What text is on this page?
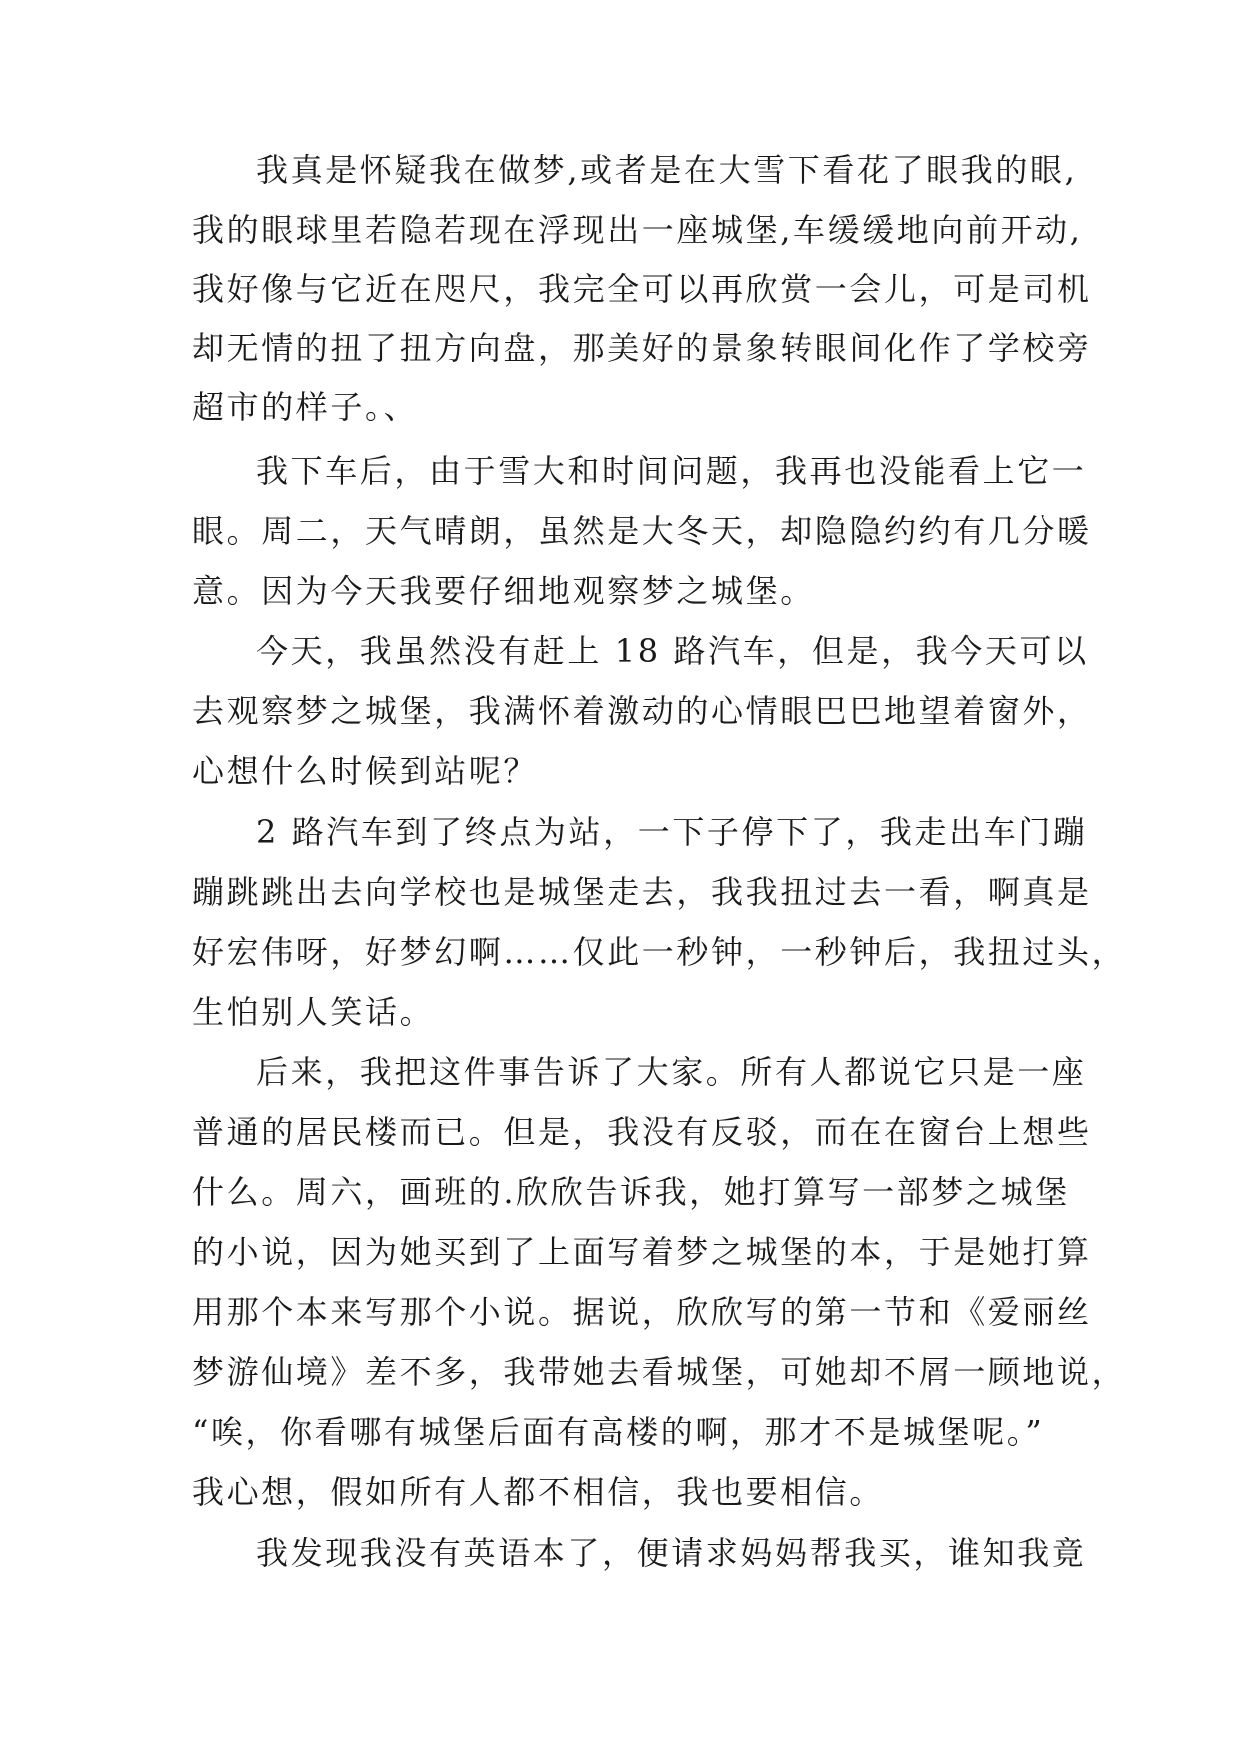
我真是怀疑我在做梦,或者是在大雪下看花了眼我的眼,
我的眼球里若隐若现在浮现出一座城堡,车缓缓地向前开动,
我好像与它近在咫尺，我完全可以再欣赏一会儿，可是司机
却无情的扭了扭方向盘，那美好的景象转眼间化作了学校旁
超市的样子。、
我下车后，由于雪大和时间问题，我再也没能看上它一
眼。周二，天气晴朗，虽然是大冬天，却隐隐约约有几分暖
意。因为今天我要仔细地观察梦之城堡。
今天，我虽然没有赶上 18 路汽车，但是，我今天可以
去观察梦之城堡，我满怀着激动的心情眼巴巴地望着窗外，
心想什么时候到站呢？
2 路汽车到了终点为站，一下子停下了，我走出车门蹦
蹦跳跳出去向学校也是城堡走去，我我扭过去一看，啊真是
好宏伟呀，好梦幻啊……仅此一秒钟，一秒钟后，我扭过头，
生怕别人笑话。
后来，我把这件事告诉了大家。所有人都说它只是一座
普通的居民楼而已。但是，我没有反驳，而在在窗台上想些
什么。周六，画班的.欣欣告诉我，她打算写一部梦之城堡
的小说，因为她买到了上面写着梦之城堡的本，于是她打算
用那个本来写那个小说。据说，欣欣写的第一节和《爱丽丝
梦游仙境》差不多，我带她去看城堡，可她却不屑一顾地说，
“唉，你看哪有城堡后面有高楼的啊，那才不是城堡呢。”
我心想，假如所有人都不相信，我也要相信。
我发现我没有英语本了，便请求妈妈帮我买，谁知我竟
